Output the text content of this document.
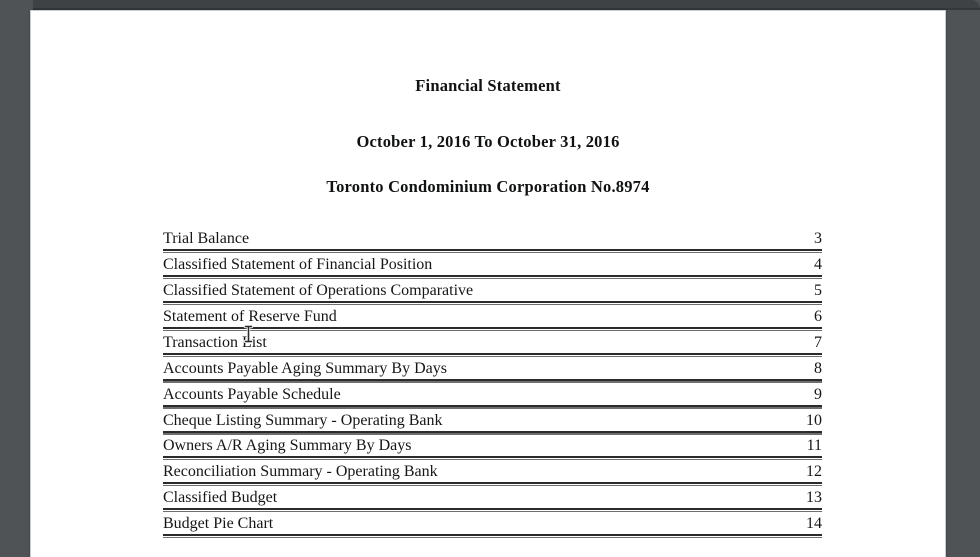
Financial Statement
October 1, 2016 To October 31, 2016
Toronto Condominium Corporation No.8974
Trial Balance	3
Classified Statement of Financial Position	4
Classified Statement of Operations Comparative	5
Statement of Reserve Fund	6
Transaction List	7
Accounts Payable Aging Summary By Days	8
Accounts Payable Schedule	9
Cheque Listing Summary - Operating Bank	10
Owners A/R Aging Summary By Days	11
Reconciliation Summary - Operating Bank	12
Classified Budget	13
Budget Pie Chart	14
